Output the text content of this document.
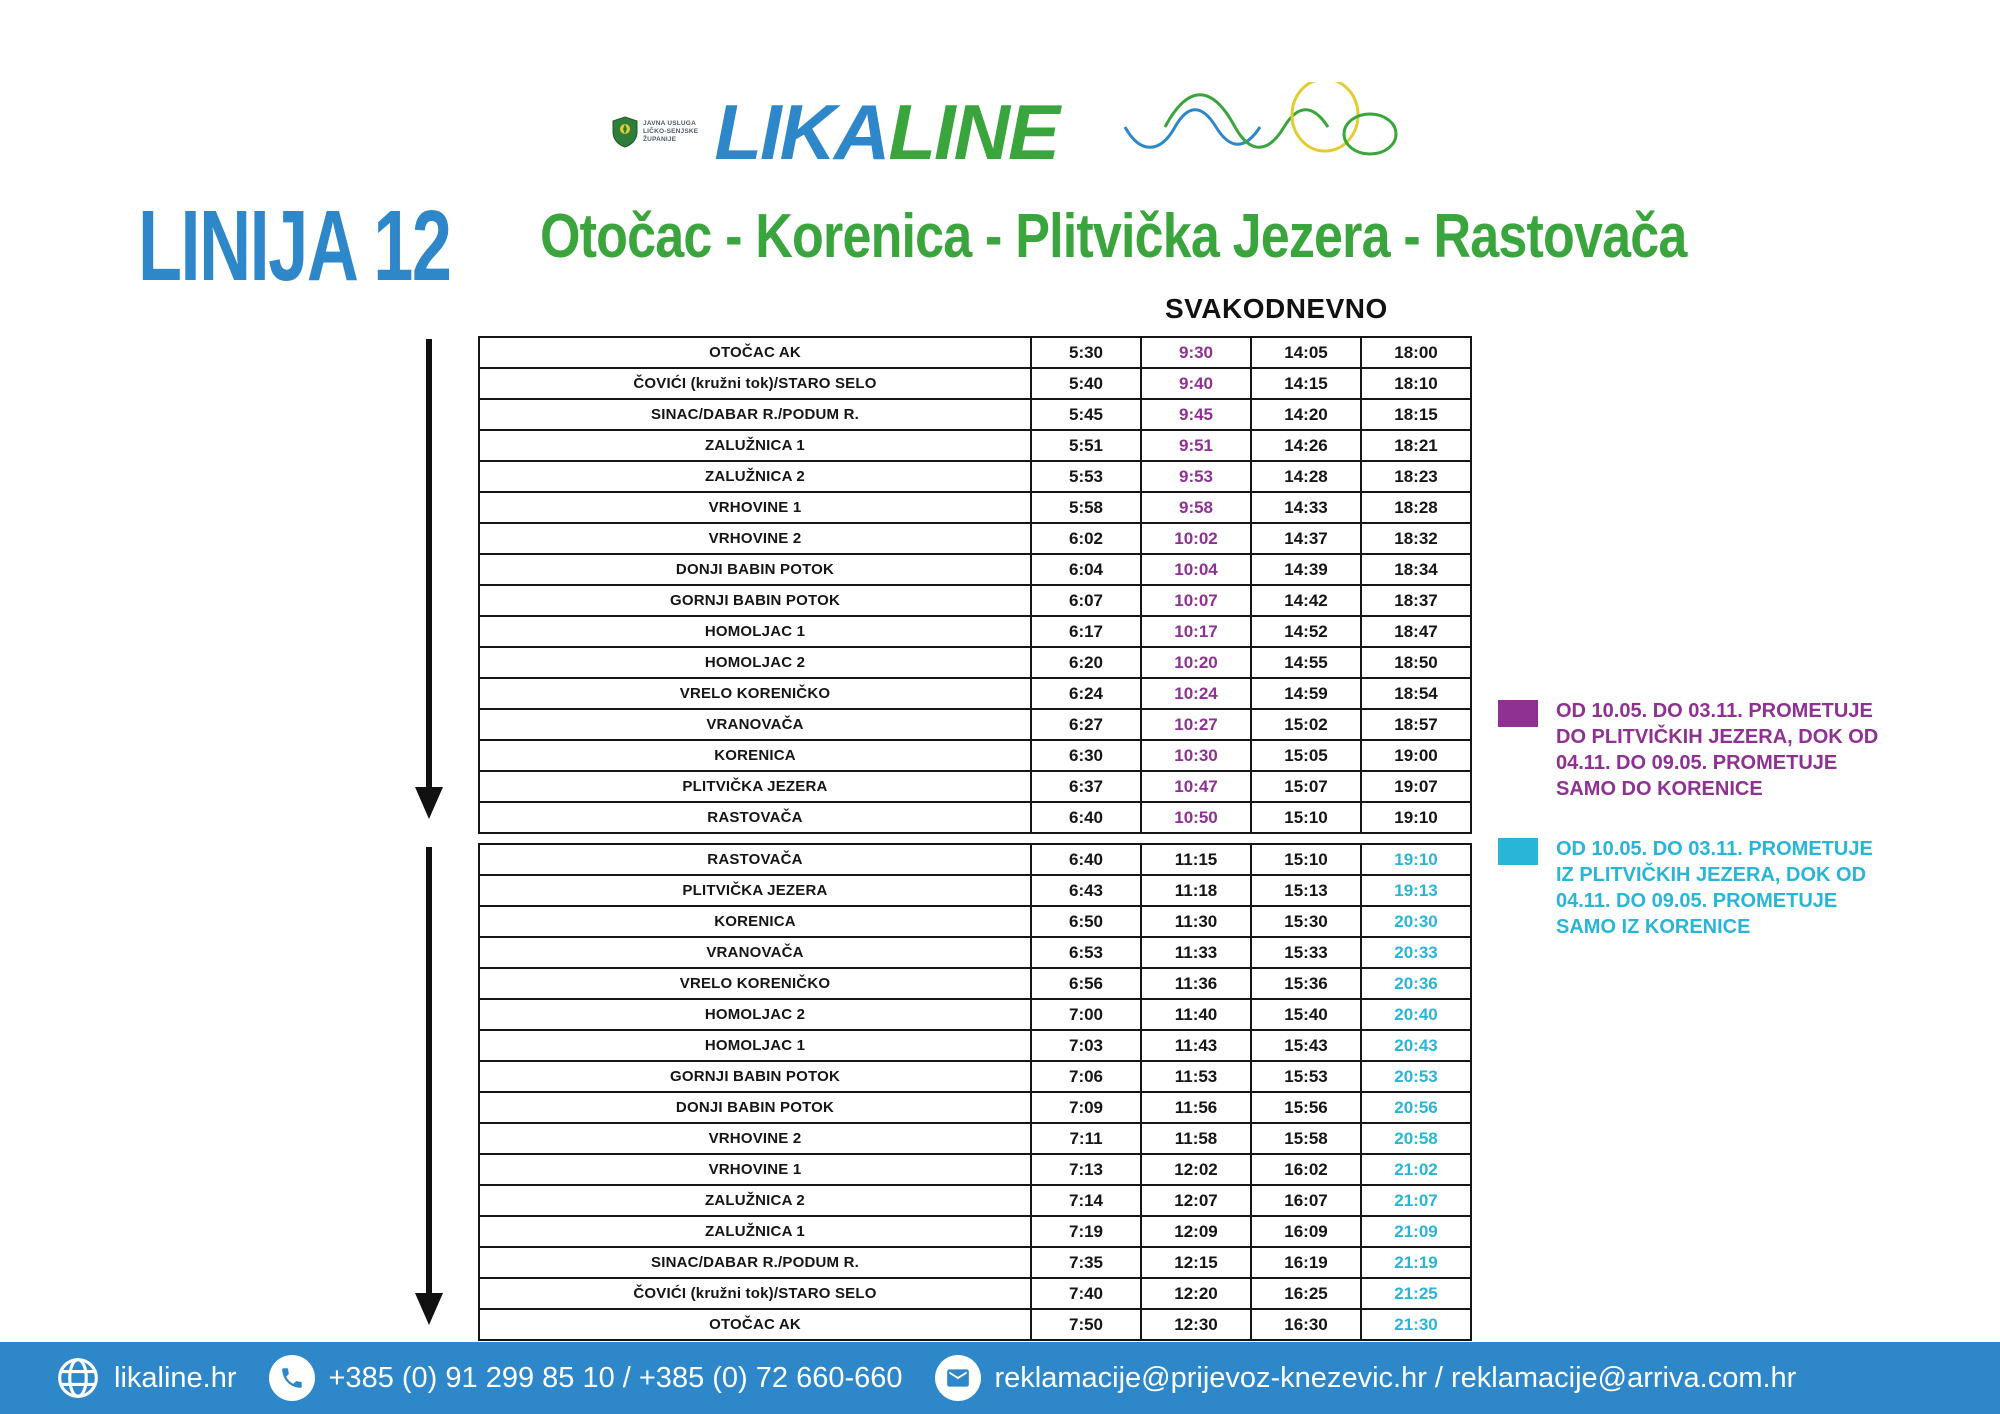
JAVNA USLUGA
LIČKO-SENJSKE
ŽUPANIJE LIKALINE
LINIJA 12 Otočac - Korenica - Plitvička Jezera - Rastovača
SVAKODNEVNO
OTOČAC AK	5:30	9:30	14:05	18:00
ČOVIĆI (kružni tok)/STARO SELO	5:40	9:40	14:15	18:10
SINAC/DABAR R./PODUM R.	5:45	9:45	14:20	18:15
ZALUŽNICA 1	5:51	9:51	14:26	18:21
ZALUŽNICA 2	5:53	9:53	14:28	18:23
VRHOVINE 1	5:58	9:58	14:33	18:28
VRHOVINE 2	6:02	10:02	14:37	18:32
DONJI BABIN POTOK	6:04	10:04	14:39	18:34
GORNJI BABIN POTOK	6:07	10:07	14:42	18:37
HOMOLJAC 1	6:17	10:17	14:52	18:47
HOMOLJAC 2	6:20	10:20	14:55	18:50
VRELO KORENIČKO	6:24	10:24	14:59	18:54
VRANOVAČA	6:27	10:27	15:02	18:57
KORENICA	6:30	10:30	15:05	19:00
PLITVIČKA JEZERA	6:37	10:47	15:07	19:07
RASTOVAČA	6:40	10:50	15:10	19:10
RASTOVAČA	6:40	11:15	15:10	19:10
PLITVIČKA JEZERA	6:43	11:18	15:13	19:13
KORENICA	6:50	11:30	15:30	20:30
VRANOVAČA	6:53	11:33	15:33	20:33
VRELO KORENIČKO	6:56	11:36	15:36	20:36
HOMOLJAC 2	7:00	11:40	15:40	20:40
HOMOLJAC 1	7:03	11:43	15:43	20:43
GORNJI BABIN POTOK	7:06	11:53	15:53	20:53
DONJI BABIN POTOK	7:09	11:56	15:56	20:56
VRHOVINE 2	7:11	11:58	15:58	20:58
VRHOVINE 1	7:13	12:02	16:02	21:02
ZALUŽNICA 2	7:14	12:07	16:07	21:07
ZALUŽNICA 1	7:19	12:09	16:09	21:09
SINAC/DABAR R./PODUM R.	7:35	12:15	16:19	21:19
ČOVIĆI (kružni tok)/STARO SELO	7:40	12:20	16:25	21:25
OTOČAC AK	7:50	12:30	16:30	21:30
OD 10.05. DO 03.11. PROMETUJE DO PLITVIČKIH JEZERA, DOK OD 04.11. DO 09.05. PROMETUJE SAMO DO KORENICE
OD 10.05. DO 03.11. PROMETUJE IZ PLITVIČKIH JEZERA, DOK OD 04.11. DO 09.05. PROMETUJE SAMO IZ KORENICE
likaline.hr	+385 (0) 91 299 85 10 / +385 (0) 72 660-660	reklamacije@prijevoz-knezevic.hr / reklamacije@arriva.com.hr
